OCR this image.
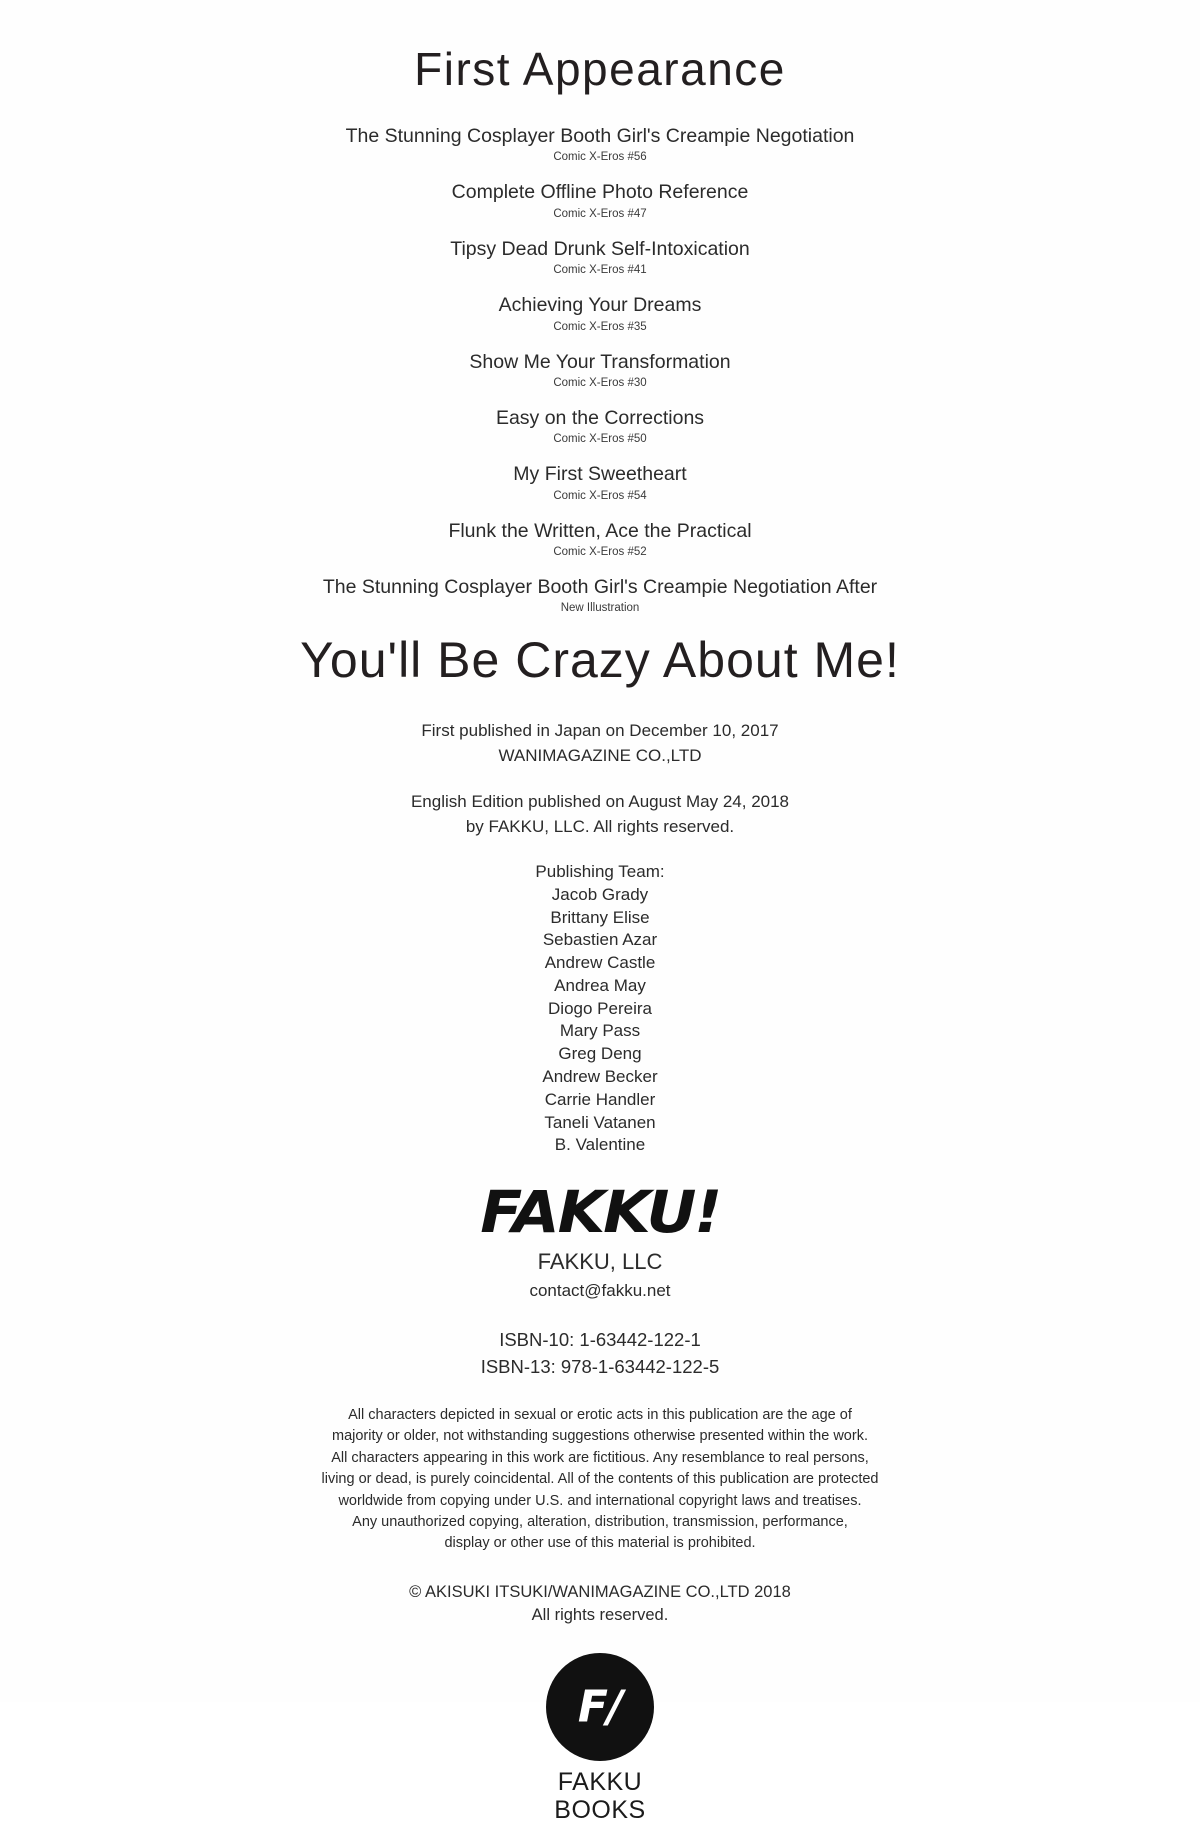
First Appearance
The Stunning Cosplayer Booth Girl's Creampie Negotiation
Comic X-Eros #56
Complete Offline Photo Reference
Comic X-Eros #47
Tipsy Dead Drunk Self-Intoxication
Comic X-Eros #41
Achieving Your Dreams
Comic X-Eros #35
Show Me Your Transformation
Comic X-Eros #30
Easy on the Corrections
Comic X-Eros #50
My First Sweetheart
Comic X-Eros #54
Flunk the Written, Ace the Practical
Comic X-Eros #52
The Stunning Cosplayer Booth Girl's Creampie Negotiation After
New Illustration
You'll Be Crazy About Me!
First published in Japan on December 10, 2017
WANIMAGAZINE CO.,LTD
English Edition published on August May 24, 2018
by FAKKU, LLC. All rights reserved.
Publishing Team:
Jacob Grady
Brittany Elise
Sebastien Azar
Andrew Castle
Andrea May
Diogo Pereira
Mary Pass
Greg Deng
Andrew Becker
Carrie Handler
Taneli Vatanen
B. Valentine
FAKKU!
FAKKU, LLC
contact@fakku.net
ISBN-10: 1-63442-122-1
ISBN-13: 978-1-63442-122-5
All characters depicted in sexual or erotic acts in this publication are the age of
majority or older, not withstanding suggestions otherwise presented within the work.
All characters appearing in this work are fictitious. Any resemblance to real persons,
living or dead, is purely coincidental. All of the contents of this publication are protected
worldwide from copying under U.S. and international copyright laws and treatises.
Any unauthorized copying, alteration, distribution, transmission, performance,
display or other use of this material is prohibited.
© AKISUKI ITSUKI/WANIMAGAZINE CO.,LTD 2018
All rights reserved.
F/
FAKKU
BOOKS
